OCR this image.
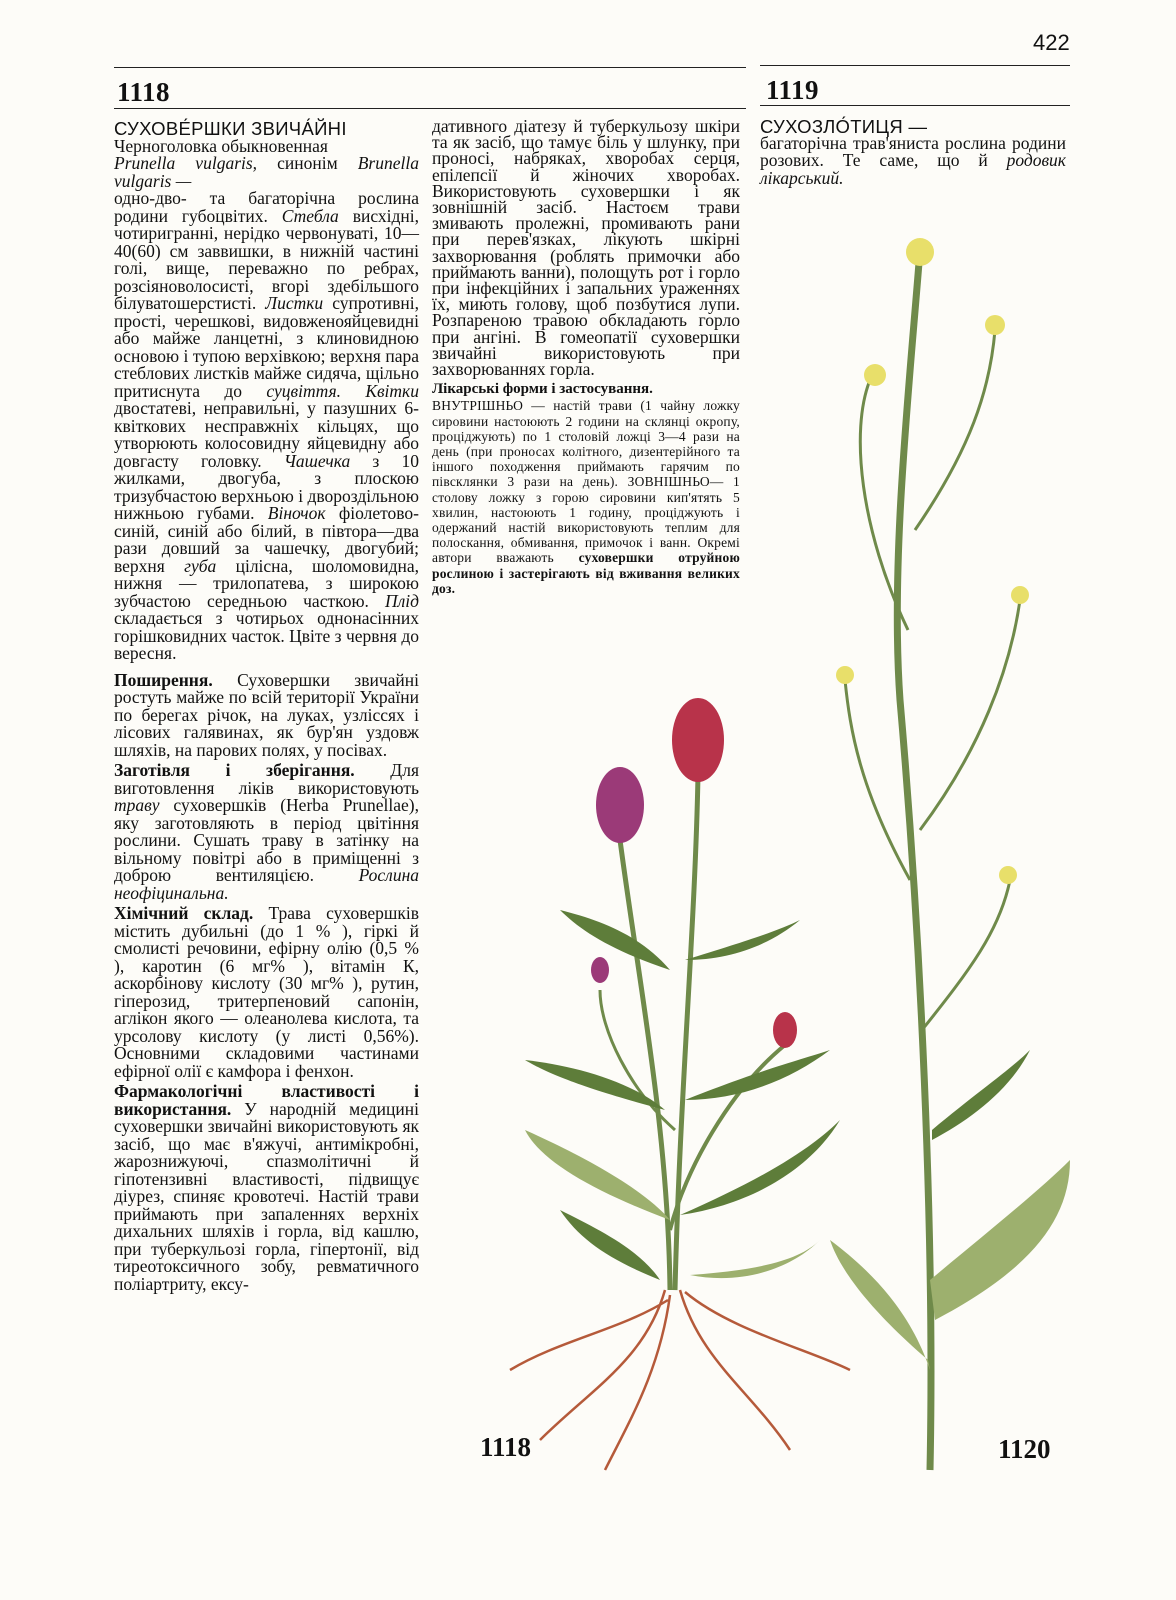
422
1118	1119
СУХОВЕ́РШКИ ЗВИЧА́ЙНІ

Черноголовка обыкновенная
Prunella vulgaris, синонім Brunella vulgaris —
одно-дво- та багаторічна рослина родини губоцвітих. Стебла висхідні, чотиригранні, нерідко червонуваті, 10—40(60) см заввишки, в нижній частині голі, вище, переважно по ребрах, розсіяноволосисті, вгорі здебільшого білуватошерстисті. Листки супротивні, прості, черешкові, видовженояйцевидні або майже ланцетні, з клиновидною основою і тупою верхівкою; верхня пара стеблових листків майже сидяча, щільно притиснута до суцвіття. Квітки двостатеві, неправильні, у пазушних 6-квіткових несправжніх кільцях, що утворюють колосовидну яйцевидну або довгасту головку. Чашечка з 10 жилками, двогуба, з плоскою тризубчастою верхньою і двороздільною нижньою губами. Віночок фіолетово-синій, синій або білий, в півтора—два рази довший за чашечку, двогубий; верхня губа цілісна, шоломовидна, нижня — трилопатева, з широкою зубчастою середньою часткою. Плід складається з чотирьох однонасінних горішковидних часток. Цвіте з червня до вересня.

Поширення. Суховершки звичайні ростуть майже по всій території України по берегах річок, на луках, узліссях і лісових галявинах, як бур'ян уздовж шляхів, на парових полях, у посівах.

Заготівля і зберігання. Для виготовлення ліків використовують траву суховершків (Herba Prunellae), яку заготовляють в період цвітіння рослини. Сушать траву в затінку на вільному повітрі або в приміщенні з доброю вентиляцією. Рослина неофіцинальна.

Хімічний склад. Трава суховершків містить дубильні (до 1 % ), гіркі й смолисті речовини, ефірну олію (0,5 % ), каротин (6 мг% ), вітамін К, аскорбінову кислоту (30 мг% ), рутин, гіперозид, тритерпеновий сапонін, аглікон якого — олеанолева кислота, та урсолову кислоту (у листі 0,56%). Основними складовими частинами ефірної олії є камфора і фенхон.

Фармакологічні властивості і використання. У народній медицині суховершки звичайні використовують як засіб, що має в'яжучі, антимікробні, жарознижуючі, спазмолітичні й гіпотензивні властивості, підвищує діурез, спиняє кровотечі. Настій трави приймають при запаленнях верхніх дихальних шляхів і горла, від кашлю, при туберкульозі горла, гіпертонії, від тиреотоксичного зобу, ревматичного поліартриту, ексу-

дативного діатезу й туберкульозу шкіри та як засіб, що тамує біль у шлунку, при проносі, набряках, хворобах серця, епілепсії й жіночих хворобах. Використовують суховершки і як зовнішній засіб. Настоєм трави змивають пролежні, промивають рани при перев'язках, лікують шкірні захворювання (роблять примочки або приймають ванни), полощуть рот і горло при інфекційних і запальних ураженнях їх, миють голову, щоб позбутися лупи. Розпареною травою обкладають горло при ангіні. В гомеопатії суховершки звичайні використовують при захворюваннях горла.

Лікарські форми і застосування.

ВНУТРІШНЬО — настій трави (1 чайну ложку сировини настоюють 2 години на склянці окропу, проціджують) по 1 столовій ложці 3—4 рази на день (при проносах колітного, дизентерійного та іншого походження приймають гарячим по півсклянки 3 рази на день). ЗОВНІШНЬО— 1 столову ложку з горою сировини кип'ятять 5 хвилин, настоюють 1 годину, проціджують і одержаний настій використовують теплим для полоскання, обмивання, примочок і ванн. Окремі автори вважають суховершки отруйною рослиною і застерігають від вживання великих доз.

СУХОЗЛО́ТИЦЯ —

багаторічна трав'яниста рослина родини розових. Те саме, що й родовик лікарський.

1118	1120
